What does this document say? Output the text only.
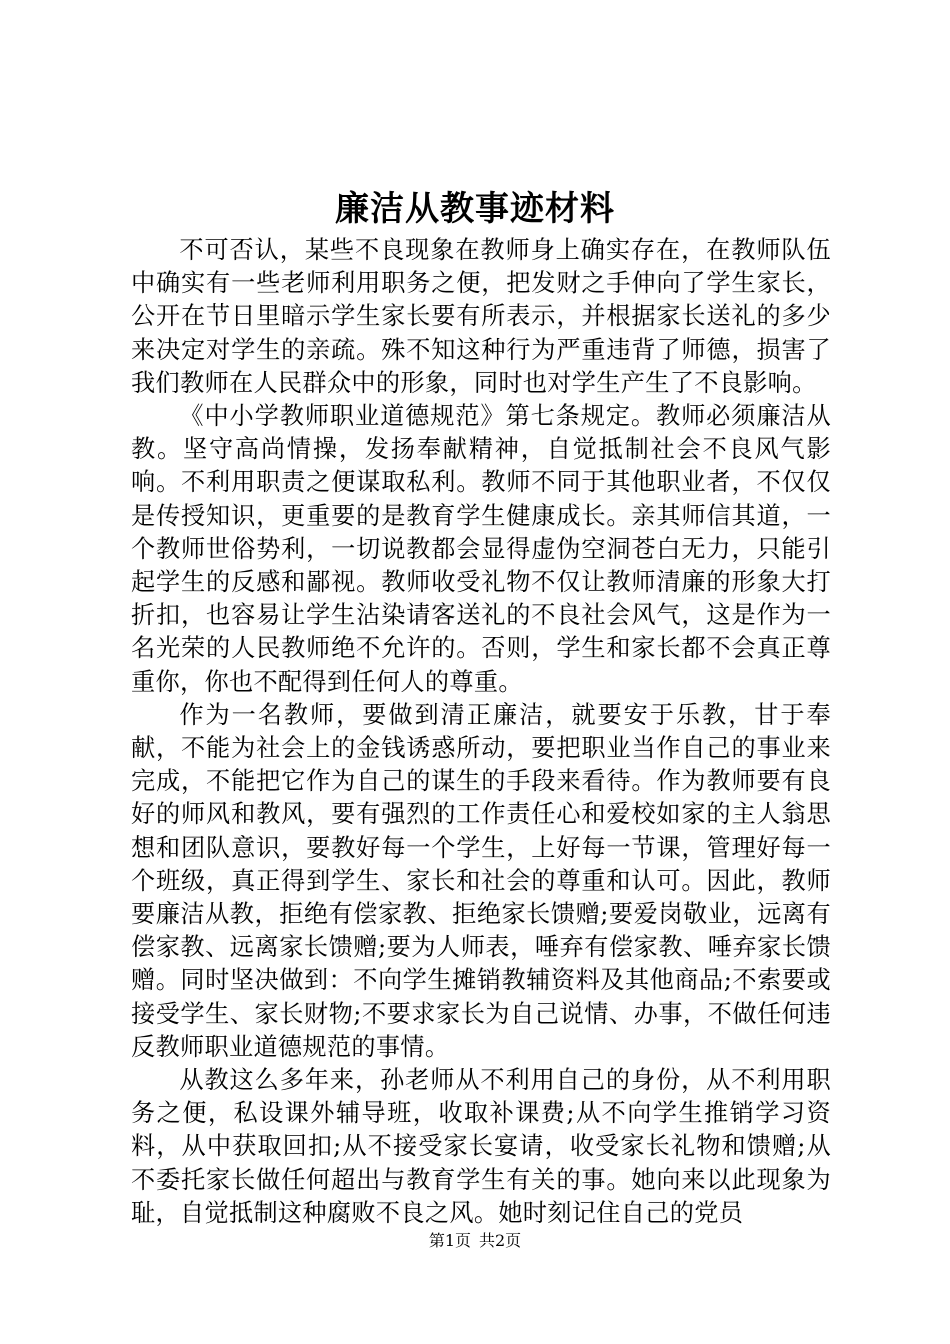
廉洁从教事迹材料

不可否认，某些不良现象在教师身上确实存在，在教师队伍中确实有一些老师利用职务之便，把发财之手伸向了学生家长，公开在节日里暗示学生家长要有所表示，并根据家长送礼的多少来决定对学生的亲疏。殊不知这种行为严重违背了师德，损害了我们教师在人民群众中的形象，同时也对学生产生了不良影响。

《中小学教师职业道德规范》第七条规定。教师必须廉洁从教。坚守高尚情操，发扬奉献精神，自觉抵制社会不良风气影响。不利用职责之便谋取私利。教师不同于其他职业者，不仅仅是传授知识，更重要的是教育学生健康成长。亲其师信其道，一个教师世俗势利，一切说教都会显得虚伪空洞苍白无力，只能引起学生的反感和鄙视。教师收受礼物不仅让教师清廉的形象大打折扣，也容易让学生沾染请客送礼的不良社会风气，这是作为一名光荣的人民教师绝不允许的。否则，学生和家长都不会真正尊重你，你也不配得到任何人的尊重。

作为一名教师，要做到清正廉洁，就要安于乐教，甘于奉献，不能为社会上的金钱诱惑所动，要把职业当作自己的事业来完成，不能把它作为自己的谋生的手段来看待。作为教师要有良好的师风和教风，要有强烈的工作责任心和爱校如家的主人翁思想和团队意识，要教好每一个学生，上好每一节课，管理好每一个班级，真正得到学生、家长和社会的尊重和认可。因此，教师要廉洁从教，拒绝有偿家教、拒绝家长馈赠;要爱岗敬业，远离有偿家教、远离家长馈赠;要为人师表，唾弃有偿家教、唾弃家长馈赠。同时坚决做到：不向学生摊销教辅资料及其他商品;不索要或接受学生、家长财物;不要求家长为自己说情、办事，不做任何违反教师职业道德规范的事情。

从教这么多年来，孙老师从不利用自己的身份，从不利用职务之便，私设课外辅导班，收取补课费;从不向学生推销学习资料，从中获取回扣;从不接受家长宴请，收受家长礼物和馈赠;从不委托家长做任何超出与教育学生有关的事。她向来以此现象为耻，自觉抵制这种腐败不良之风。她时刻记住自己的党员

第1页 共2页
